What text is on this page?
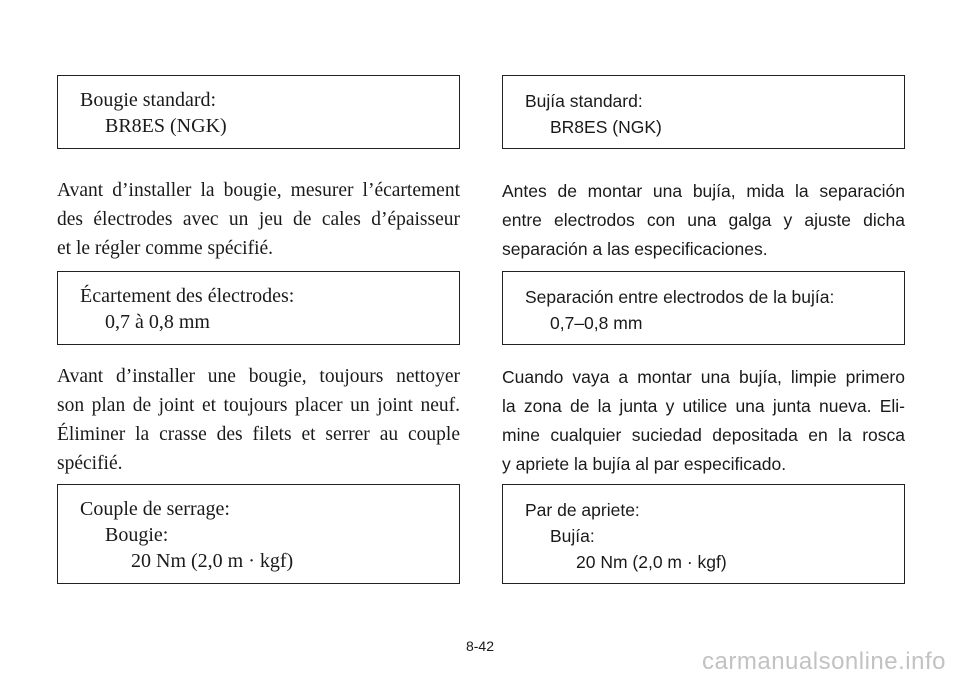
Bougie standard:
BR8ES (NGK)
Avant d’installer la bougie, mesurer l’écartement
des électrodes avec un jeu de cales d’épaisseur
et le régler comme spécifié.
Écartement des électrodes:
0,7 à 0,8 mm
Avant d’installer une bougie, toujours nettoyer
son plan de joint et toujours placer un joint neuf.
Éliminer la crasse des filets et serrer au couple
spécifié.
Couple de serrage:
Bougie:
20 Nm (2,0 m · kgf)
Bujía standard:
BR8ES (NGK)
Antes de montar una bujía, mida la separación
entre electrodos con una galga y ajuste dicha
separación a las especificaciones.
Separación entre electrodos de la bujía:
0,7–0,8 mm
Cuando vaya a montar una bujía, limpie primero
la zona de la junta y utilice una junta nueva. Eli-
mine cualquier suciedad depositada en la rosca
y apriete la bujía al par especificado.
Par de apriete:
Bujía:
20 Nm (2,0 m · kgf)
8-42
carmanualsonline.info
